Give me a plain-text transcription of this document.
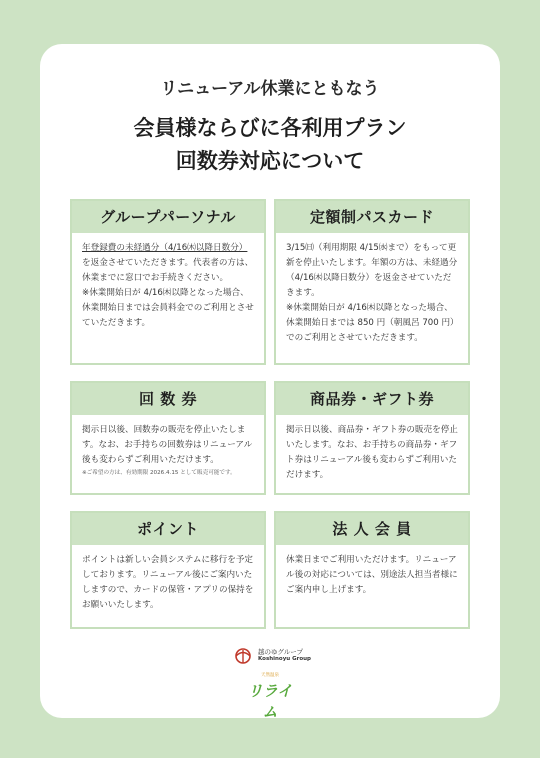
リニューアル休業にともなう
会員様ならびに各利用プラン
回数券対応について
グループパーソナル

年登録費の未経過分（4/16㈭以降日数分）を返金させていただきます。代表者の方は、休業までに窓口でお手続きください。

※休業開始日が 4/16㈭以降となった場合、休業開始日までは会員料金でのご利用とさせていただきます。

定額制パスカード

3/15㈰（利用期限 4/15㈬まで）をもって更新を停止いたします。年額の方は、未経過分（4/16㈭以降日数分）を返金させていただきます。

※休業開始日が 4/16㈭以降となった場合、休業開始日までは 850 円（朝風呂 700 円）でのご利用とさせていただきます。

回 数 券

掲示日以後、回数券の販売を停止いたします。なお、お手持ちの回数券はリニューアル後も変わらずご利用いただけます。

※ご希望の方は、有効期限 2026.4.15 として販売可能です。

商品券・ギフト券

掲示日以後、商品券・ギフト券の販売を停止いたします。なお、お手持ちの商品券・ギフト券はリニューアル後も変わらずご利用いただけます。

ポイント

ポイントは新しい会員システムに移行を予定しております。リニューアル後にご案内いたしますので、カードの保管・アプリの保持をお願いいたします。

法 人 会 員

休業日までご利用いただけます。リニューアル後の対応については、別途法人担当者様にご案内申し上げます。

越のゆグループ
Koshinoyu Group
天然温泉
リライム
